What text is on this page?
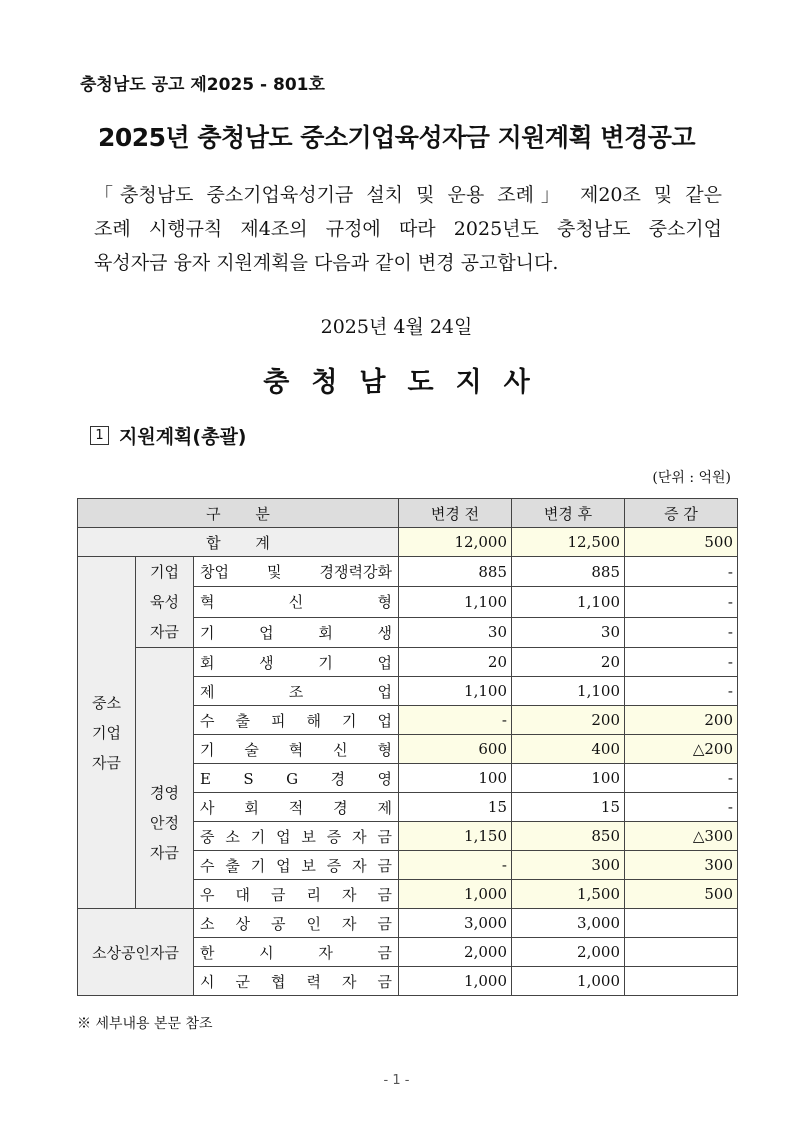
충청남도 공고 제2025 - 801호
2025년 충청남도 중소기업육성자금 지원계획 변경공고
「충청남도 중소기업육성기금 설치 및 운용 조례」 제20조 및 같은
조례 시행규칙 제4조의 규정에 따라 2025년도 충청남도 중소기업
육성자금 융자 지원계획을 다음과 같이 변경 공고합니다.
2025년 4월 24일
충청남도지사
1 지원계획(총괄)
(단위 : 억원)
구 분	변경 전	변경 후	증 감
합 계	12,000	12,500	500
중소
기업
자금	기업
육성
자금	
창업 및 경쟁력강화	885	885	-

혁 신 형	1,100	1,100	-

기 업 회 생	30	30	-
경영
안정
자금	
회 생 기 업	20	20	-

제 조 업	1,100	1,100	-

수 출 피 해 기 업	-	200	200

기 술 혁 신 형	600	400	△200

E S G 경 영	100	100	-

사 회 적 경 제	15	15	-

중 소 기 업 보 증 자 금	1,150	850	△300

수 출 기 업 보 증 자 금	-	300	300

우 대 금 리 자 금	1,000	1,500	500
소상공인자금	
소 상 공 인 자 금	3,000	3,000	

한 시 자 금	2,000	2,000	

시 군 협 력 자 금	1,000	1,000	
※ 세부내용 본문 참조
- 1 -
